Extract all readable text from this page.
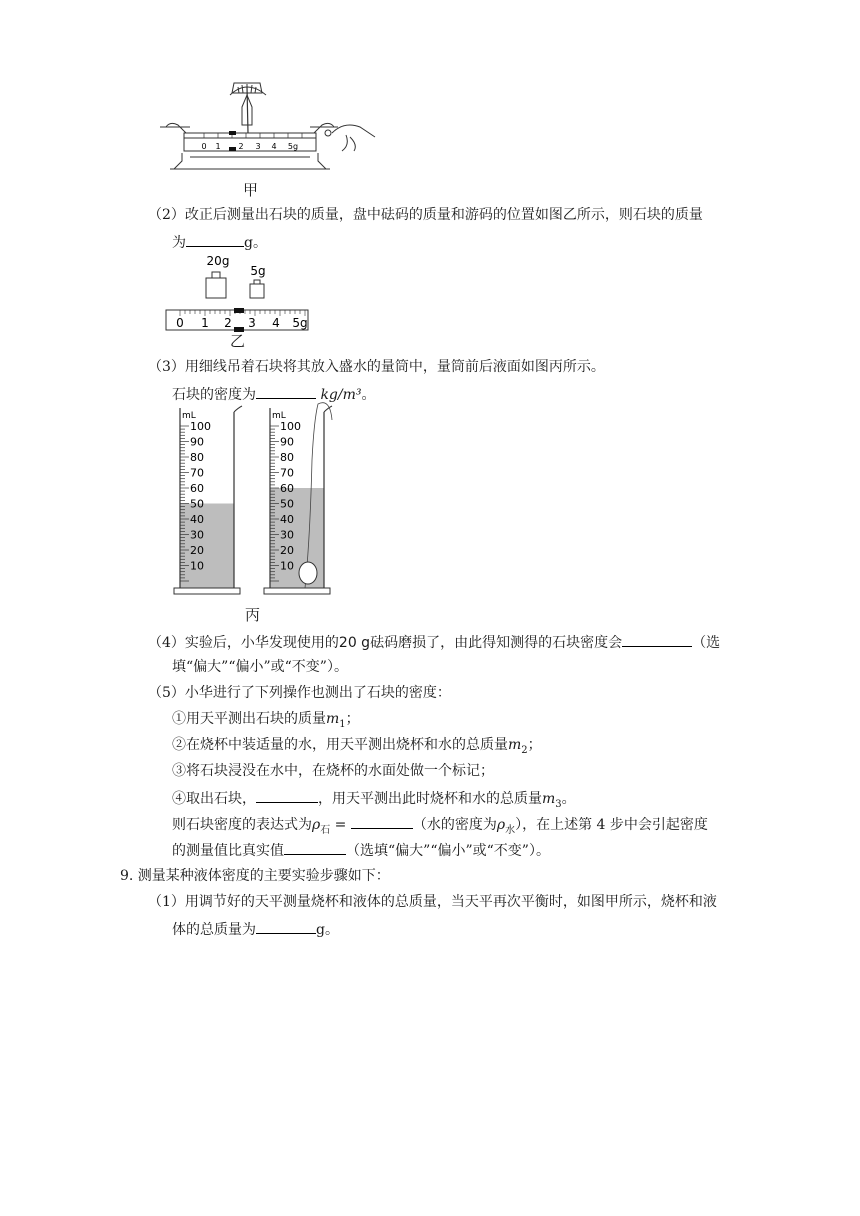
0 1 2 3 4 5g
甲
（2）改正后测量出石块的质量，盘中砝码的质量和游码的位置如图乙所示，则石块的质量
为	g。
20g
5g
0 1 2 3 4 5g
乙
（3）用细线吊着石块将其放入盛水的量筒中，量筒前后液面如图丙所示。
石块的密度为	kg/m³。
mL
100
90
80
70
60
50
40
30
20
10
mL
100
90
80
70
60
50
40
30
20
10
丙
（4）实验后，小华发现使用的20 g砝码磨损了，由此得知测得的石块密度会	（选
填“偏大”“偏小”或“不变”）。
（5）小华进行了下列操作也测出了石块的密度：
①用天平测出石块的质量$m_1$；
②在烧杯中装适量的水，用天平测出烧杯和水的总质量$m_2$；
③将石块浸没在水中，在烧杯的水面处做一个标记；
④取出石块，	，用天平测出此时烧杯和水的总质量$m_3$。
则石块密度的表达式为$\rho_石$ =	（水的密度为$\rho_水$），在上述第 4 步中会引起密度
的测量值比真实值	（选填“偏大”“偏小”或“不变”）。
9. 测量某种液体密度的主要实验步骤如下：
（1）用调节好的天平测量烧杯和液体的总质量，当天平再次平衡时，如图甲所示，烧杯和液
体的总质量为	g。
